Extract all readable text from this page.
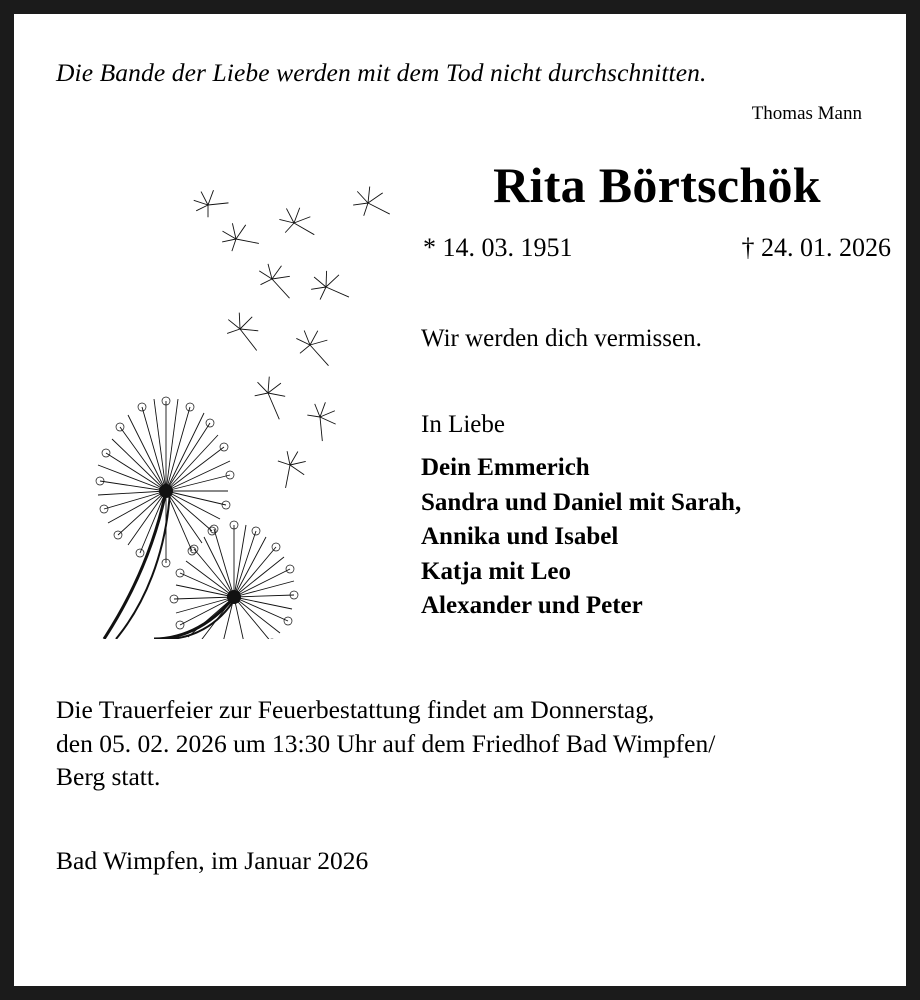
Die Bande der Liebe werden mit dem Tod nicht durchschnitten.
Thomas Mann
Rita Börtschök
* 14. 03. 1951	† 24. 01. 2026
Wir werden dich vermissen.
In Liebe
Dein Emmerich
Sandra und Daniel mit Sarah,
Annika und Isabel
Katja mit Leo
Alexander und Peter
Die Trauerfeier zur Feuerbestattung findet am Donnerstag,
den 05. 02. 2026 um 13:30 Uhr auf dem Friedhof Bad Wimpfen/
Berg statt.
Bad Wimpfen, im Januar 2026
